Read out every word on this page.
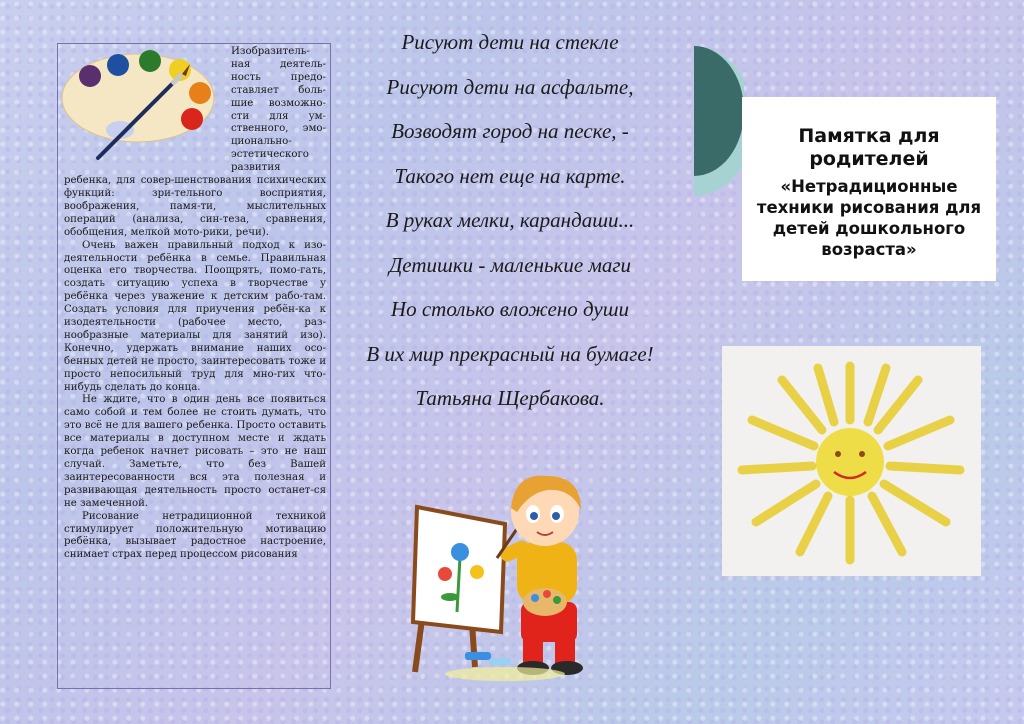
Изобразитель-ная деятель-ность предо-ставляет боль-шие возможно-сти для ум-ственного, эмо-ционально-эстетического развития ребенка, для совер-шенствования психических функций: зри-тельного восприятия, воображения, памя-ти, мыслительных операций (анализа, син-теза, сравнения, обобщения, мелкой мото-рики, речи).

Очень важен правильный подход к изо-деятельности ребёнка в семье. Правильная оценка его творчества. Поощрять, помо-гать, создать ситуацию успеха в творчестве у ребёнка через уважение к детским рабо-там. Создать условия для приучения ребён-ка к изодеятельности (рабочее место, раз-нообразные материалы для занятий изо). Конечно, удержать внимание наших осо-бенных детей не просто, заинтересовать тоже и просто непосильный труд для мно-гих что-нибудь сделать до конца.

Не ждите, что в один день все появиться само собой и тем более не стоить думать, что это всё не для вашего ребенка. Просто оставить все материалы в доступном месте и ждать когда ребенок начнет рисовать – это не наш случай. Заметьте, что без Вашей заинтересованности вся эта полезная и развивающая деятельность просто останет-ся не замеченной.

Рисование нетрадиционной техникой стимулирует положительную мотивацию ребёнка, вызывает радостное настроение, снимает страх перед процессом рисования

Рисуют дети на стекле
Рисуют дети на асфальте,
Возводят город на песке, -
Такого нет еще на карте.
В руках мелки, карандаши...
Детишки - маленькие маги
Но столько вложено души
В их мир прекрасный на бумаге!
Татьяна Щербакова.
Памятка для родителей
«Нетрадиционные техники рисования для детей дошкольного возраста»
